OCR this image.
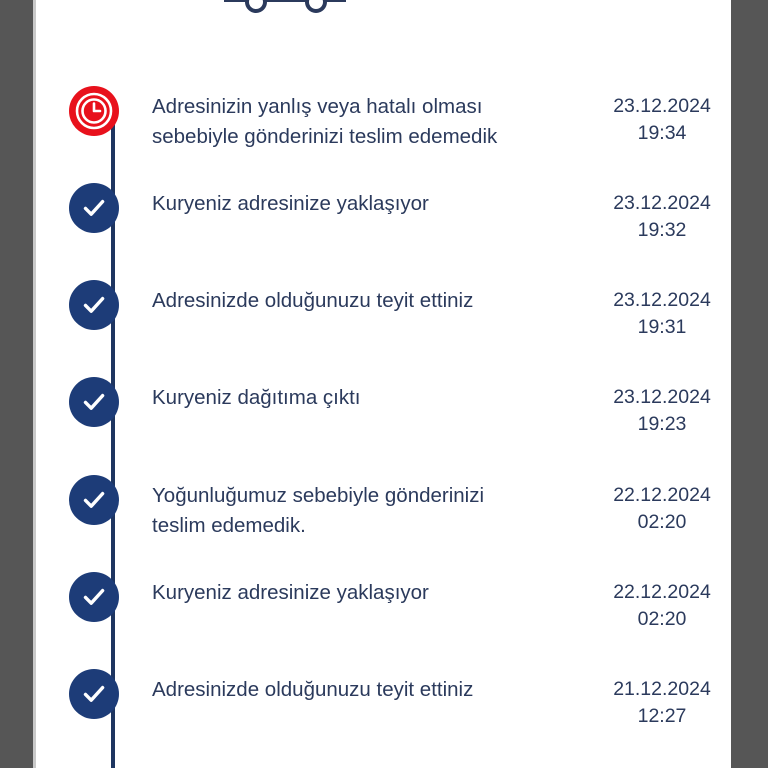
Adresinizin yanlış veya hatalı olması sebebiyle gönderinizi teslim edemedik
23.12.2024
19:34
Kuryeniz adresinize yaklaşıyor	23.12.2024
19:32
Adresinizde olduğunuzu teyit ettiniz	23.12.2024
19:31
Kuryeniz dağıtıma çıktı	23.12.2024
19:23
Yoğunluğumuz sebebiyle gönderinizi teslim edemedik.
22.12.2024
02:20
Kuryeniz adresinize yaklaşıyor	22.12.2024
02:20
Adresinizde olduğunuzu teyit ettiniz	21.12.2024
12:27
